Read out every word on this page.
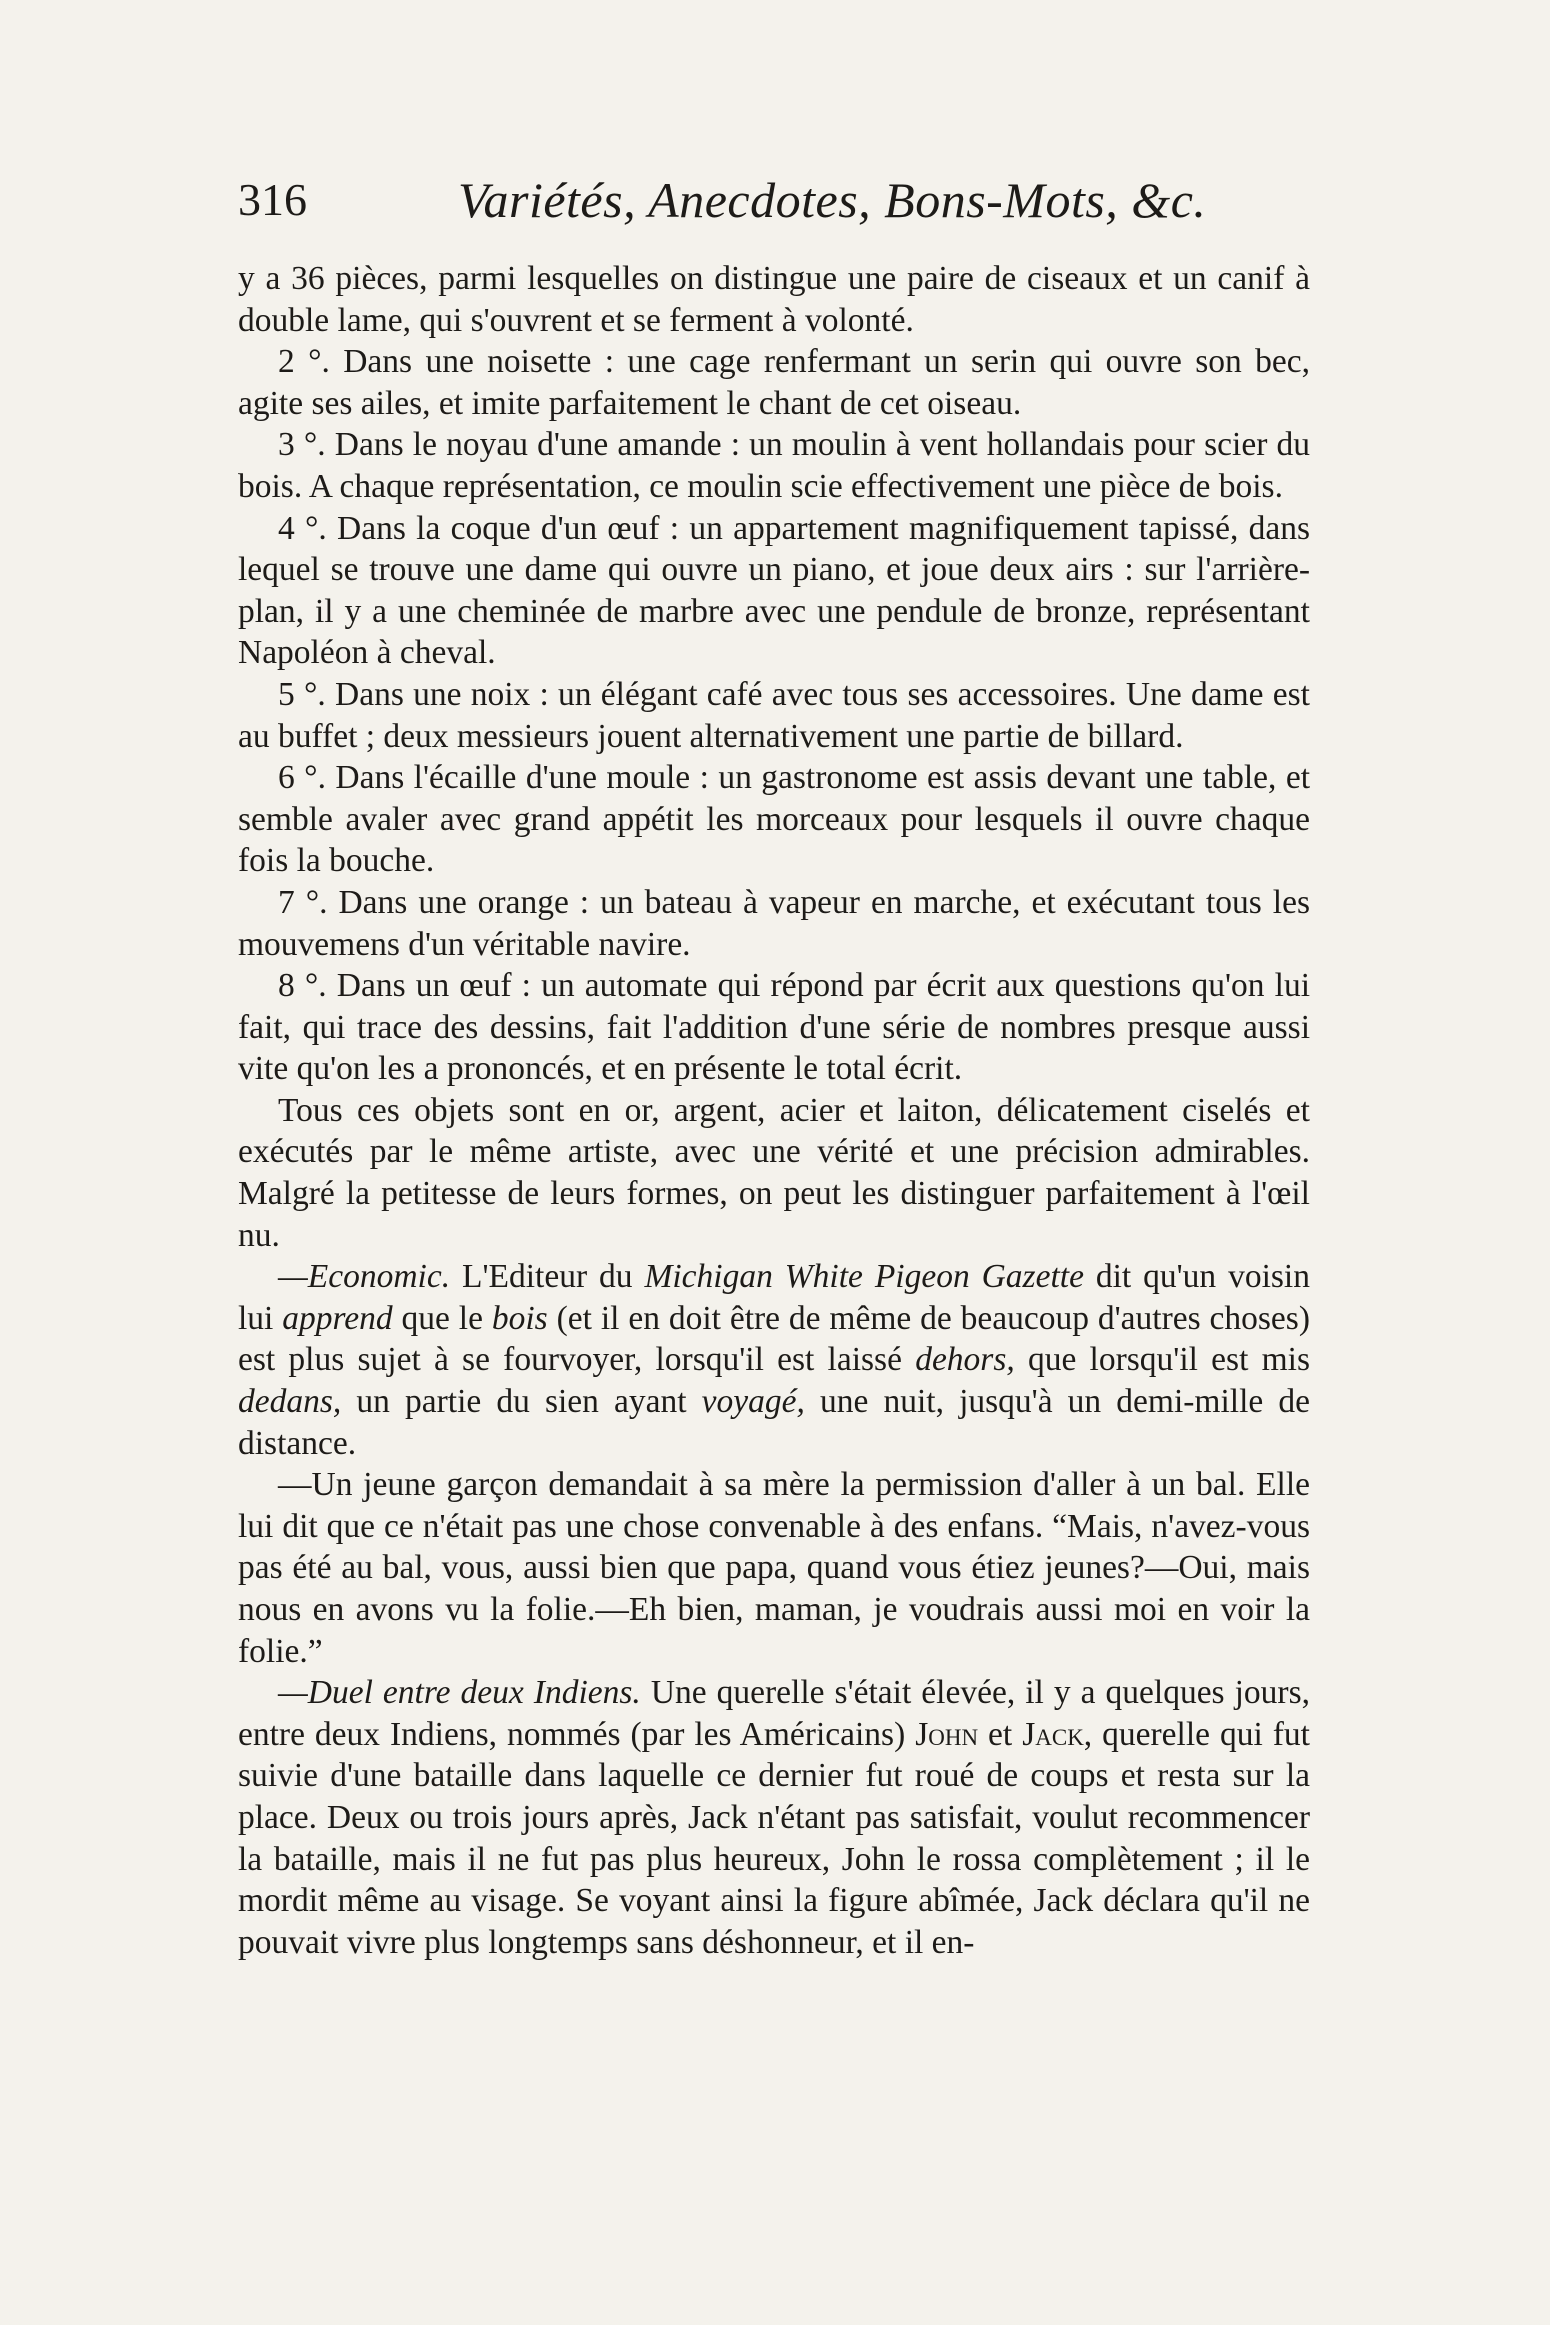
316	Variétés, Anecdotes, Bons-Mots, &c.

y a 36 pièces, parmi lesquelles on distingue une paire de ciseaux et un canif à double lame, qui s'ouvrent et se ferment à volonté.

2 °. Dans une noisette : une cage renfermant un serin qui ouvre son bec, agite ses ailes, et imite parfaitement le chant de cet oiseau.

3 °. Dans le noyau d'une amande : un moulin à vent hollandais pour scier du bois. A chaque représentation, ce moulin scie effectivement une pièce de bois.

4 °. Dans la coque d'un œuf : un appartement magnifiquement tapissé, dans lequel se trouve une dame qui ouvre un piano, et joue deux airs : sur l'arrière-plan, il y a une cheminée de marbre avec une pendule de bronze, représentant Napoléon à cheval.

5 °. Dans une noix : un élégant café avec tous ses accessoires. Une dame est au buffet ; deux messieurs jouent alternativement une partie de billard.

6 °. Dans l'écaille d'une moule : un gastronome est assis devant une table, et semble avaler avec grand appétit les morceaux pour lesquels il ouvre chaque fois la bouche.

7 °. Dans une orange : un bateau à vapeur en marche, et exécutant tous les mouvemens d'un véritable navire.

8 °. Dans un œuf : un automate qui répond par écrit aux questions qu'on lui fait, qui trace des dessins, fait l'addition d'une série de nombres presque aussi vite qu'on les a prononcés, et en présente le total écrit.

Tous ces objets sont en or, argent, acier et laiton, délicatement ciselés et exécutés par le même artiste, avec une vérité et une précision admirables. Malgré la petitesse de leurs formes, on peut les distinguer parfaitement à l'œil nu.

—Economic. L'Editeur du Michigan White Pigeon Gazette dit qu'un voisin lui apprend que le bois (et il en doit être de même de beaucoup d'autres choses) est plus sujet à se fourvoyer, lorsqu'il est laissé dehors, que lorsqu'il est mis dedans, un partie du sien ayant voyagé, une nuit, jusqu'à un demi-mille de distance.

—Un jeune garçon demandait à sa mère la permission d'aller à un bal. Elle lui dit que ce n'était pas une chose convenable à des enfans. “Mais, n'avez-vous pas été au bal, vous, aussi bien que papa, quand vous étiez jeunes?—Oui, mais nous en avons vu la folie.—Eh bien, maman, je voudrais aussi moi en voir la folie.”

—Duel entre deux Indiens. Une querelle s'était élevée, il y a quelques jours, entre deux Indiens, nommés (par les Américains) John et Jack, querelle qui fut suivie d'une bataille dans laquelle ce dernier fut roué de coups et resta sur la place. Deux ou trois jours après, Jack n'étant pas satisfait, voulut recommencer la bataille, mais il ne fut pas plus heureux, John le rossa complètement ; il le mordit même au visage. Se voyant ainsi la figure abîmée, Jack déclara qu'il ne pouvait vivre plus longtemps sans déshonneur, et il en-
